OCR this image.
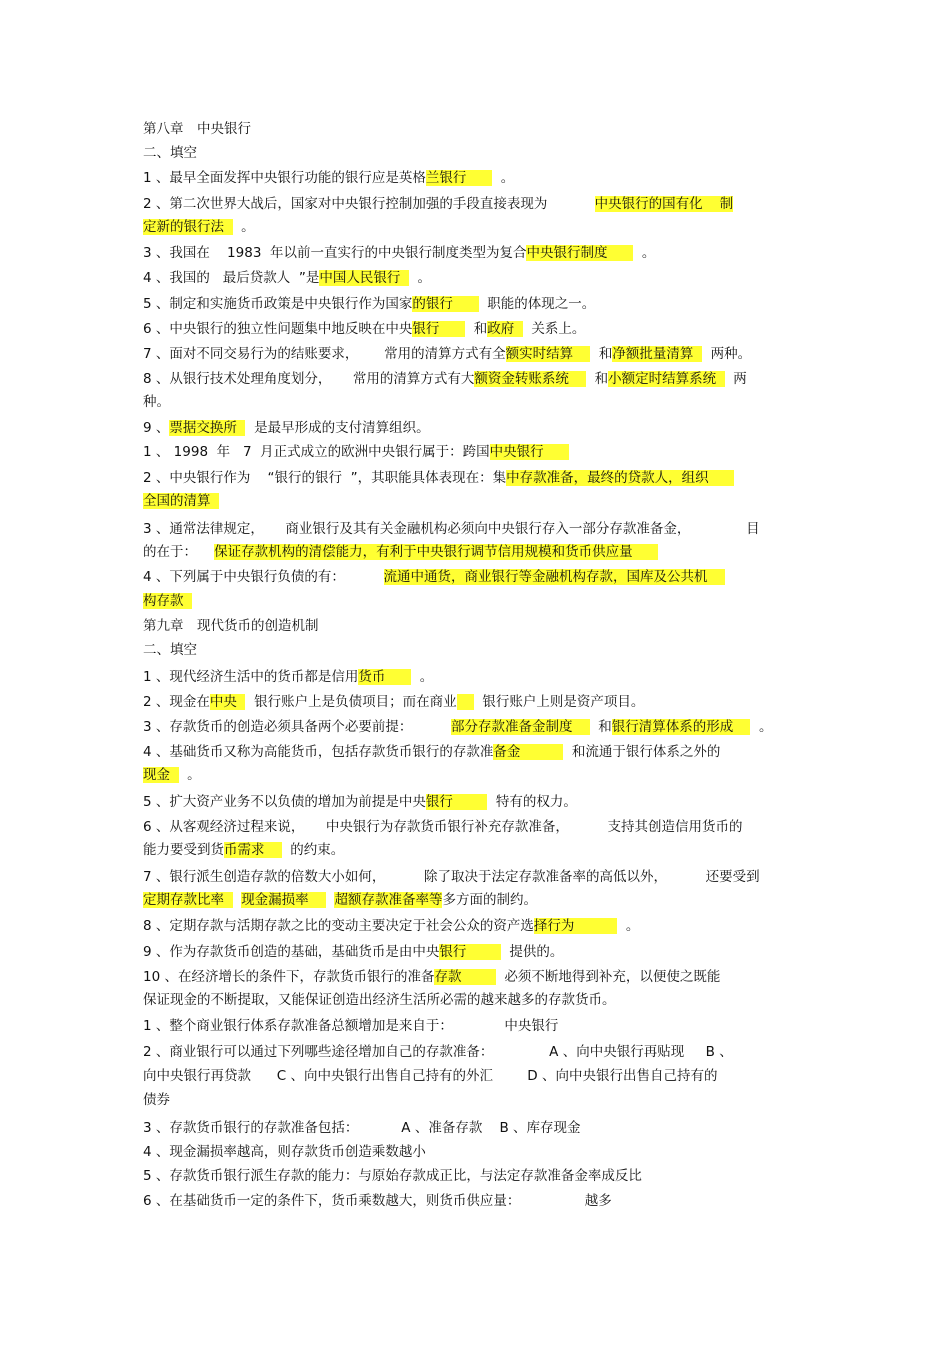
第八章　中央银行
二、填空
1 、最早全面发挥中央银行功能的银行应是英格兰银行        。
2 、第二次世界大战后，国家对中央银行控制加强的手段直接表现为           中央银行的国有化    制
定新的银行法    。
3 、我国在    1983  年以前一直实行的中央银行制度类型为复合中央银行制度        。
4 、我国的   最后贷款人  ”是中国人民银行    。
5 、制定和实施货币政策是中央银行作为国家的银行        职能的体现之一。
6 、中央银行的独立性问题集中地反映在中央银行        和政府    关系上。
7 、面对不同交易行为的结账要求，      常用的清算方式有全额实时结算      和净额批量清算    两种。
8 、从银行技术处理角度划分，     常用的清算方式有大额资金转账系统      和小额定时结算系统    两
种。
9 、票据交换所    是最早形成的支付清算组织。
1 、 1998  年   7  月正式成立的欧洲中央银行属于：跨国中央银行
2 、中央银行作为    “银行的银行  ”，其职能具体表现在：集中存款准备，最终的贷款人，组织
全国的清算
3 、通常法律规定，     商业银行及其有关金融机构必须向中央银行存入一部分存款准备金，             目
的在于：    保证存款机构的清偿能力，有利于中央银行调节信用规模和货币供应量
4 、下列属于中央银行负债的有：         流通中通货，商业银行等金融机构存款，国库及公共机
构存款
第九章　现代货币的创造机制
二、填空
1 、现代经济生活中的货币都是信用货币        。
2 、现金在中央    银行账户上是负债项目；而在商业      银行账户上则是资产项目。
3 、存款货币的创造必须具备两个必要前提：         部分存款准备金制度      和银行清算体系的形成      。
4 、基础货币又称为高能货币，包括存款货币银行的存款准备金            和流通于银行体系之外的
现金    。
5 、扩大资产业务不以负债的增加为前提是中央银行          特有的权力。
6 、从客观经济过程来说，     中央银行为存款货币银行补充存款准备，         支持其创造信用货币的
能力要受到货币需求      的约束。
7 、银行派生创造存款的倍数大小如何，         除了取决于法定存款准备率的高低以外，         还要受到
定期存款比率    现金漏损率      超额存款准备率等多方面的制约。
8 、定期存款与活期存款之比的变动主要决定于社会公众的资产选择行为            。
9 、作为存款货币创造的基础，基础货币是由中央银行          提供的。
10 、在经济增长的条件下，存款货币银行的准备存款          必须不断地得到补充，以便使之既能
保证现金的不断提取，又能保证创造出经济生活所必需的越来越多的存款货币。
1 、整个商业银行体系存款准备总额增加是来自于：            中央银行
2 、商业银行可以通过下列哪些途径增加自己的存款准备：             A 、向中央银行再贴现     B 、
向中央银行再贷款      C 、向中央银行出售自己持有的外汇        D 、向中央银行出售自己持有的
债券
3 、存款货币银行的存款准备包括：          A 、准备存款    B 、库存现金
4 、现金漏损率越高，则存款货币创造乘数越小
5 、存款货币银行派生存款的能力：与原始存款成正比，与法定存款准备金率成反比
6 、在基础货币一定的条件下，货币乘数越大，则货币供应量：               越多
